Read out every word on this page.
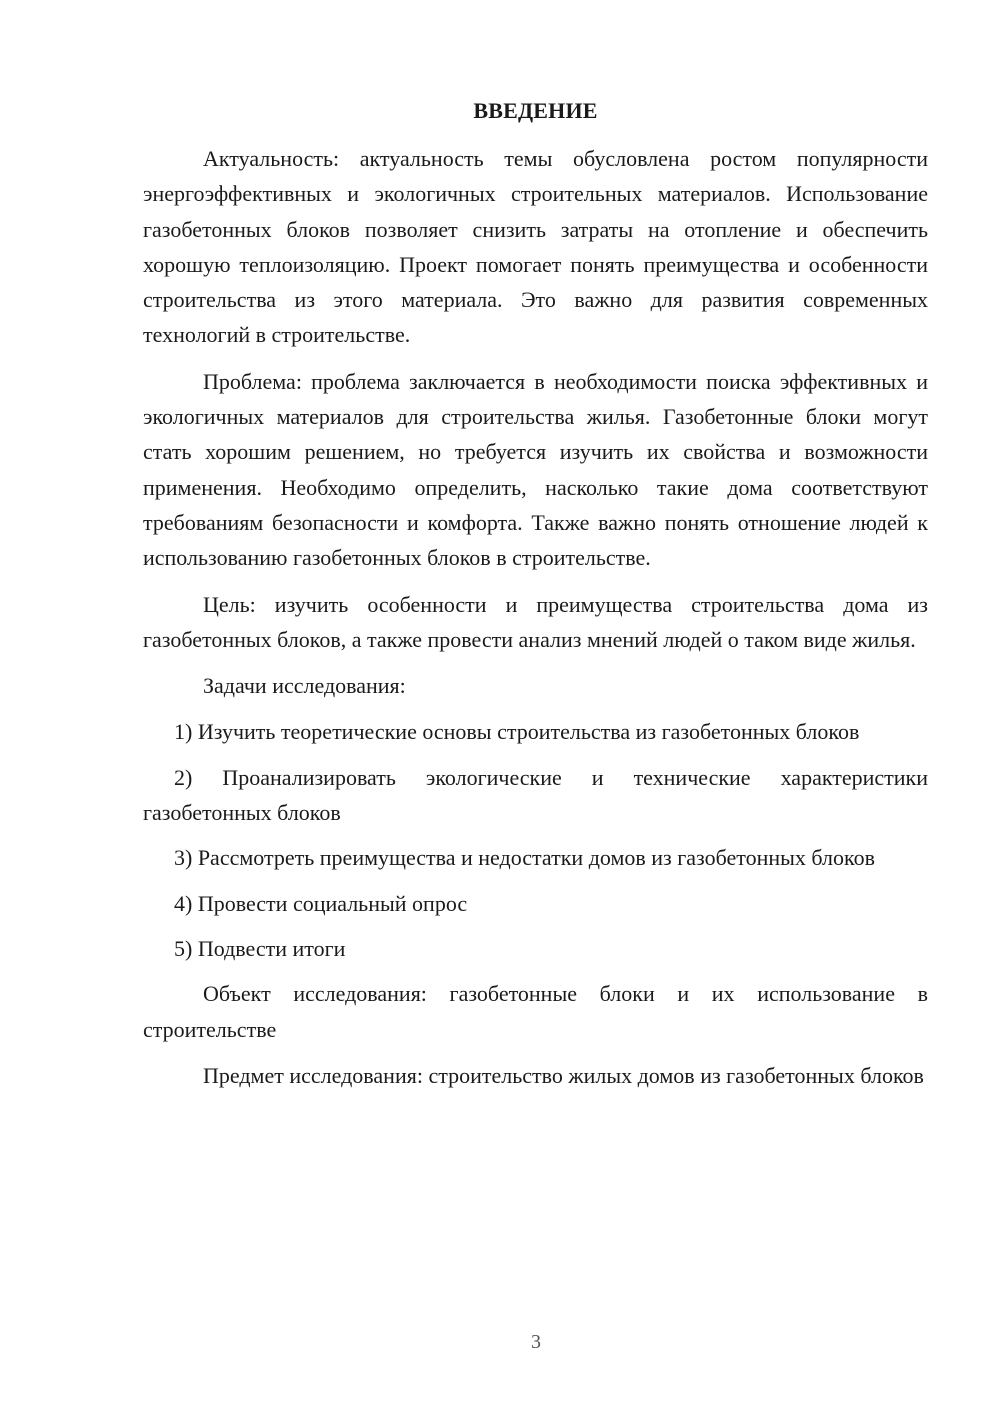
ВВЕДЕНИЕ

Актуальность: актуальность темы обусловлена ростом популярности энергоэффективных и экологичных строительных материалов. Использование газобетонных блоков позволяет снизить затраты на отопление и обеспечить хорошую теплоизоляцию. Проект помогает понять преимущества и особенности строительства из этого материала. Это важно для развития современных технологий в строительстве.

Проблема: проблема заключается в необходимости поиска эффективных и экологичных материалов для строительства жилья. Газобетонные блоки могут стать хорошим решением, но требуется изучить их свойства и возможности применения. Необходимо определить, насколько такие дома соответствуют требованиям безопасности и комфорта. Также важно понять отношение людей к использованию газобетонных блоков в строительстве.

Цель: изучить особенности и преимущества строительства дома из газобетонных блоков, а также провести анализ мнений людей о таком виде жилья.

Задачи исследования:

1) Изучить теоретические основы строительства из газобетонных блоков

2) Проанализировать экологические и технические характеристики газобетонных блоков

3) Рассмотреть преимущества и недостатки домов из газобетонных блоков

4) Провести социальный опрос

5) Подвести итоги

Объект исследования: газобетонные блоки и их использование в строительстве

Предмет исследования: строительство жилых домов из газобетонных блоков

3
